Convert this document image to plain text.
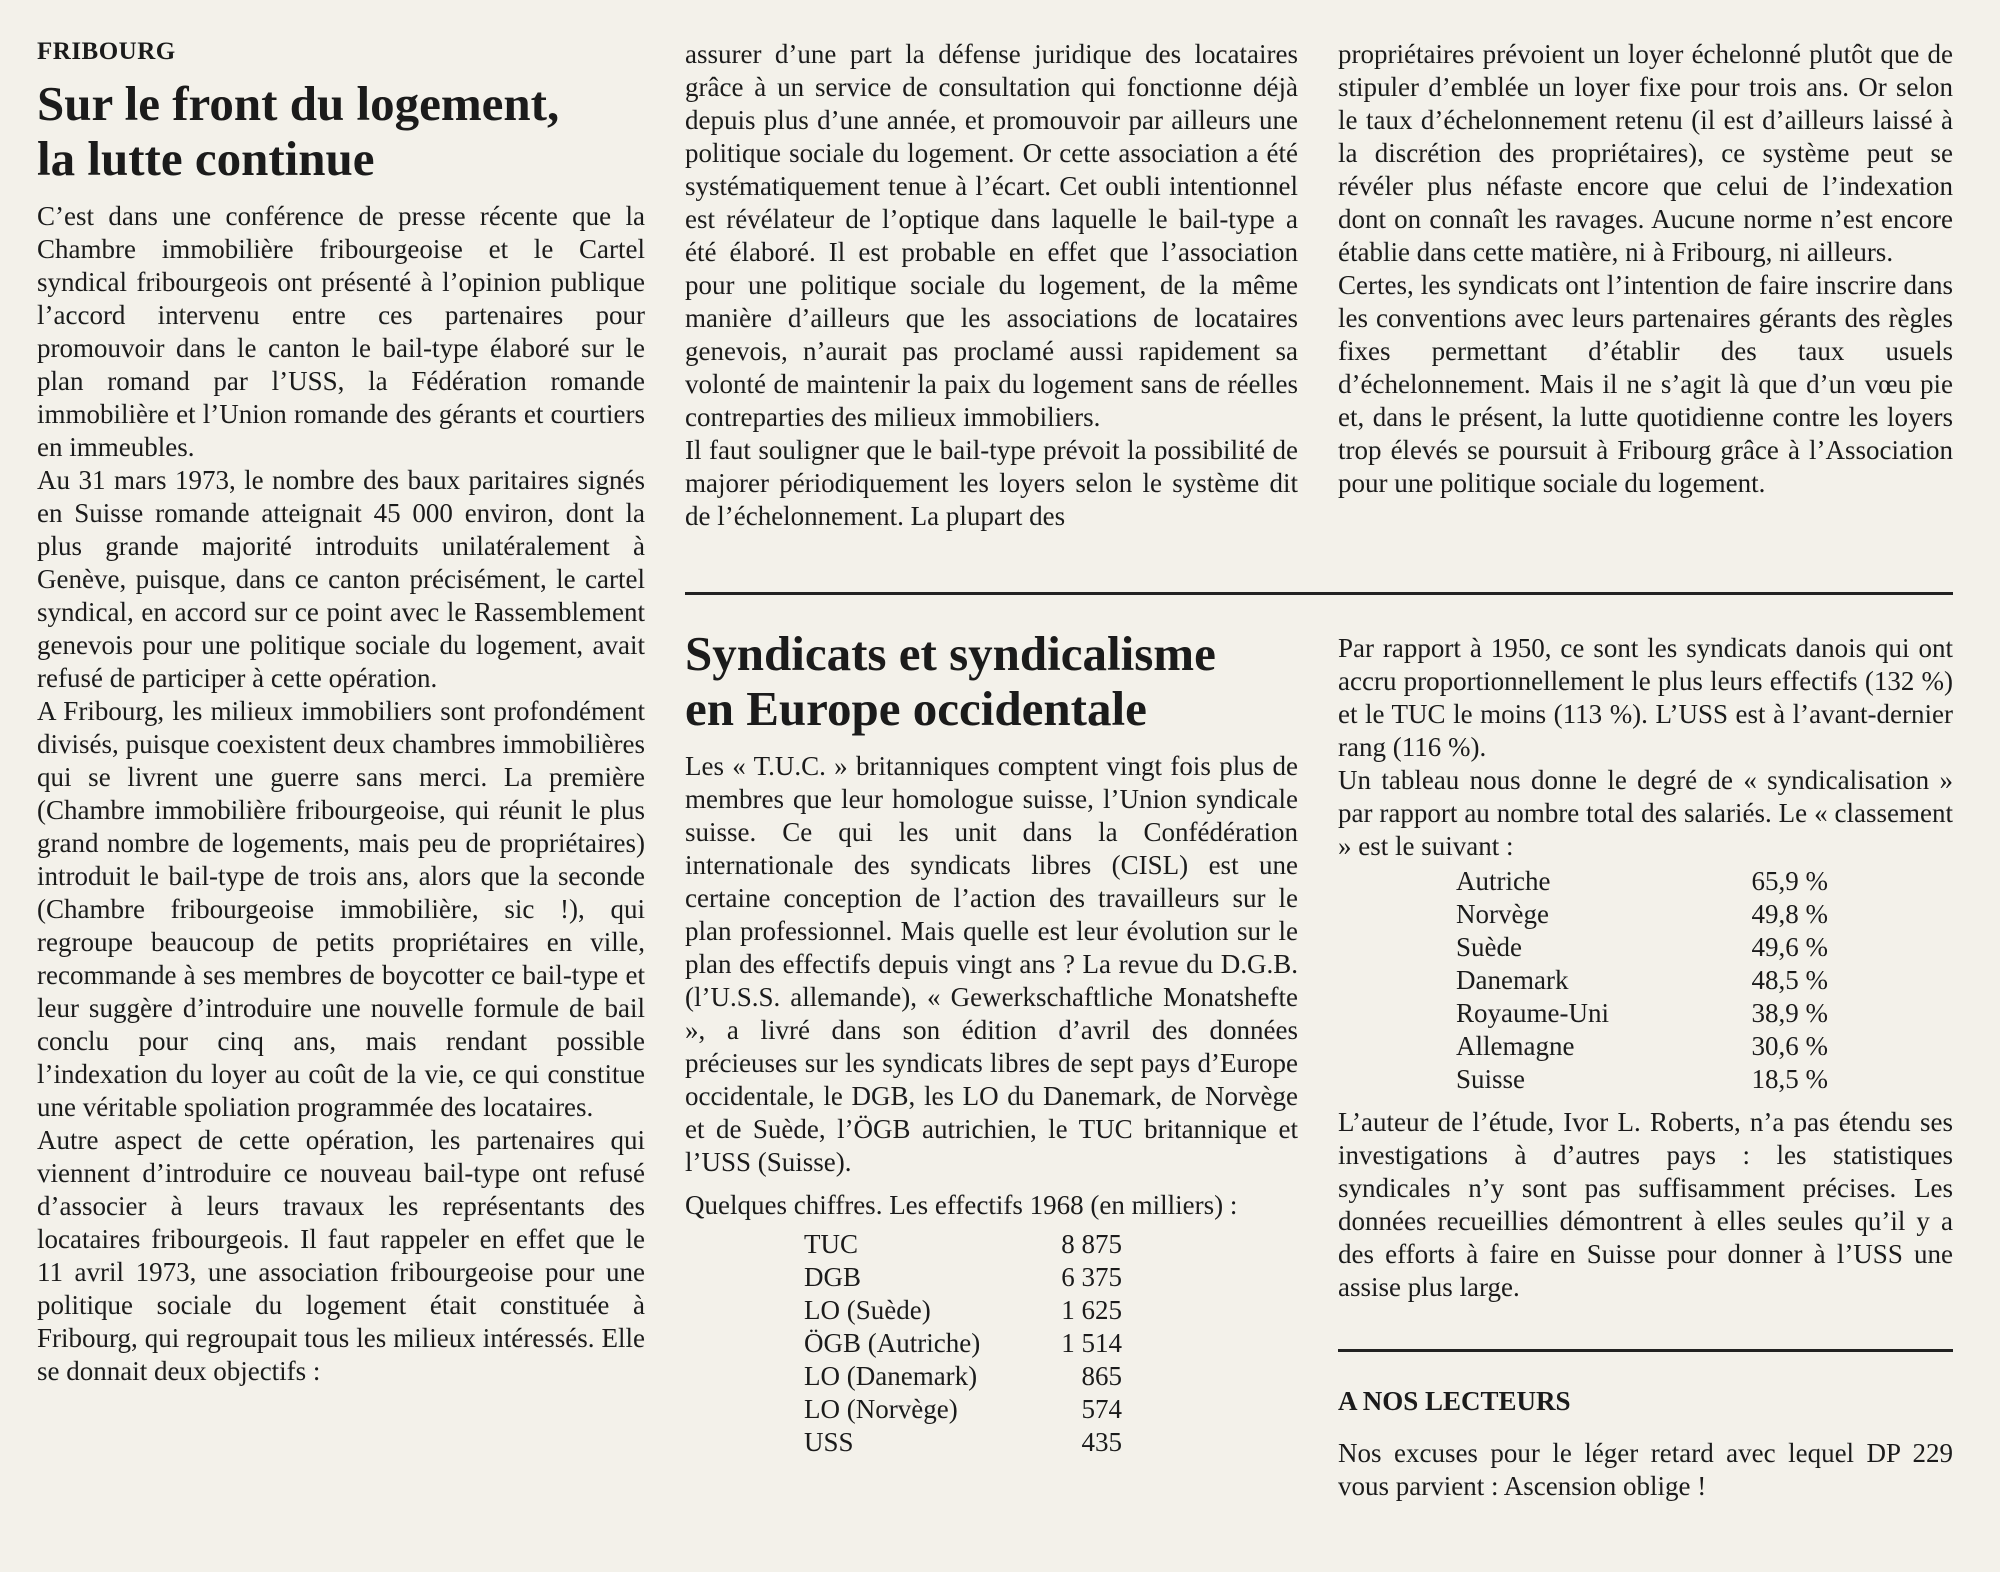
FRIBOURG
Sur le front du logement,
la lutte continue

C’est dans une conférence de presse récente que la Chambre immobilière fribourgeoise et le Cartel syndical fribourgeois ont présenté à l’opinion publique l’accord intervenu entre ces partenaires pour promouvoir dans le canton le bail-type élaboré sur le plan romand par l’USS, la Fédération romande immobilière et l’Union romande des gérants et courtiers en immeubles.

Au 31 mars 1973, le nombre des baux paritaires signés en Suisse romande atteignait 45 000 environ, dont la plus grande majorité introduits unilatéralement à Genève, puisque, dans ce canton précisément, le cartel syndical, en accord sur ce point avec le Rassemblement genevois pour une politique sociale du logement, avait refusé de participer à cette opération.

A Fribourg, les milieux immobiliers sont profondément divisés, puisque coexistent deux chambres immobilières qui se livrent une guerre sans merci. La première (Chambre immobilière fribourgeoise, qui réunit le plus grand nombre de logements, mais peu de propriétaires) introduit le bail-type de trois ans, alors que la seconde (Chambre fribourgeoise immobilière, sic !), qui regroupe beaucoup de petits propriétaires en ville, recommande à ses membres de boycotter ce bail-type et leur suggère d’introduire une nouvelle formule de bail conclu pour cinq ans, mais rendant possible l’indexation du loyer au coût de la vie, ce qui constitue une véritable spoliation programmée des locataires.

Autre aspect de cette opération, les partenaires qui viennent d’introduire ce nouveau bail-type ont refusé d’associer à leurs travaux les représentants des locataires fribourgeois. Il faut rappeler en effet que le 11 avril 1973, une association fribourgeoise pour une politique sociale du logement était constituée à Fribourg, qui regroupait tous les milieux intéressés. Elle se donnait deux objectifs :

assurer d’une part la défense juridique des locataires grâce à un service de consultation qui fonctionne déjà depuis plus d’une année, et promouvoir par ailleurs une politique sociale du logement. Or cette association a été systématiquement tenue à l’écart. Cet oubli intentionnel est révélateur de l’optique dans laquelle le bail-type a été élaboré. Il est probable en effet que l’association pour une politique sociale du logement, de la même manière d’ailleurs que les associations de locataires genevois, n’aurait pas proclamé aussi rapidement sa volonté de maintenir la paix du logement sans de réelles contreparties des milieux immobiliers.

Il faut souligner que le bail-type prévoit la possibilité de majorer périodiquement les loyers selon le système dit de l’échelonnement. La plupart des

propriétaires prévoient un loyer échelonné plutôt que de stipuler d’emblée un loyer fixe pour trois ans. Or selon le taux d’échelonnement retenu (il est d’ailleurs laissé à la discrétion des propriétaires), ce système peut se révéler plus néfaste encore que celui de l’indexation dont on connaît les ravages. Aucune norme n’est encore établie dans cette matière, ni à Fribourg, ni ailleurs.

Certes, les syndicats ont l’intention de faire inscrire dans les conventions avec leurs partenaires gérants des règles fixes permettant d’établir des taux usuels d’échelonnement. Mais il ne s’agit là que d’un vœu pie et, dans le présent, la lutte quotidienne contre les loyers trop élevés se poursuit à Fribourg grâce à l’Association pour une politique sociale du logement.

Syndicats et syndicalisme
en Europe occidentale

Les « T.U.C. » britanniques comptent vingt fois plus de membres que leur homologue suisse, l’Union syndicale suisse. Ce qui les unit dans la Confédération internationale des syndicats libres (CISL) est une certaine conception de l’action des travailleurs sur le plan professionnel. Mais quelle est leur évolution sur le plan des effectifs depuis vingt ans ? La revue du D.G.B. (l’U.S.S. allemande), « Gewerkschaftliche Monatshefte », a livré dans son édition d’avril des données précieuses sur les syndicats libres de sept pays d’Europe occidentale, le DGB, les LO du Danemark, de Norvège et de Suède, l’ÖGB autrichien, le TUC britannique et l’USS (Suisse).

Quelques chiffres. Les effectifs 1968 (en milliers) :

TUC	8 875
DGB	6 375
LO (Suède)	1 625
ÖGB (Autriche)	1 514
LO (Danemark)	865
LO (Norvège)	574
USS	435

Par rapport à 1950, ce sont les syndicats danois qui ont accru proportionnellement le plus leurs effectifs (132 %) et le TUC le moins (113 %). L’USS est à l’avant-dernier rang (116 %).

Un tableau nous donne le degré de « syndicalisation » par rapport au nombre total des salariés. Le « classement » est le suivant :

Autriche	65,9 %
Norvège	49,8 %
Suède	49,6 %
Danemark	48,5 %
Royaume-Uni	38,9 %
Allemagne	30,6 %
Suisse	18,5 %

L’auteur de l’étude, Ivor L. Roberts, n’a pas étendu ses investigations à d’autres pays : les statistiques syndicales n’y sont pas suffisamment précises. Les données recueillies démontrent à elles seules qu’il y a des efforts à faire en Suisse pour donner à l’USS une assise plus large.

A NOS LECTEURS

Nos excuses pour le léger retard avec lequel DP 229 vous parvient : Ascension oblige !
